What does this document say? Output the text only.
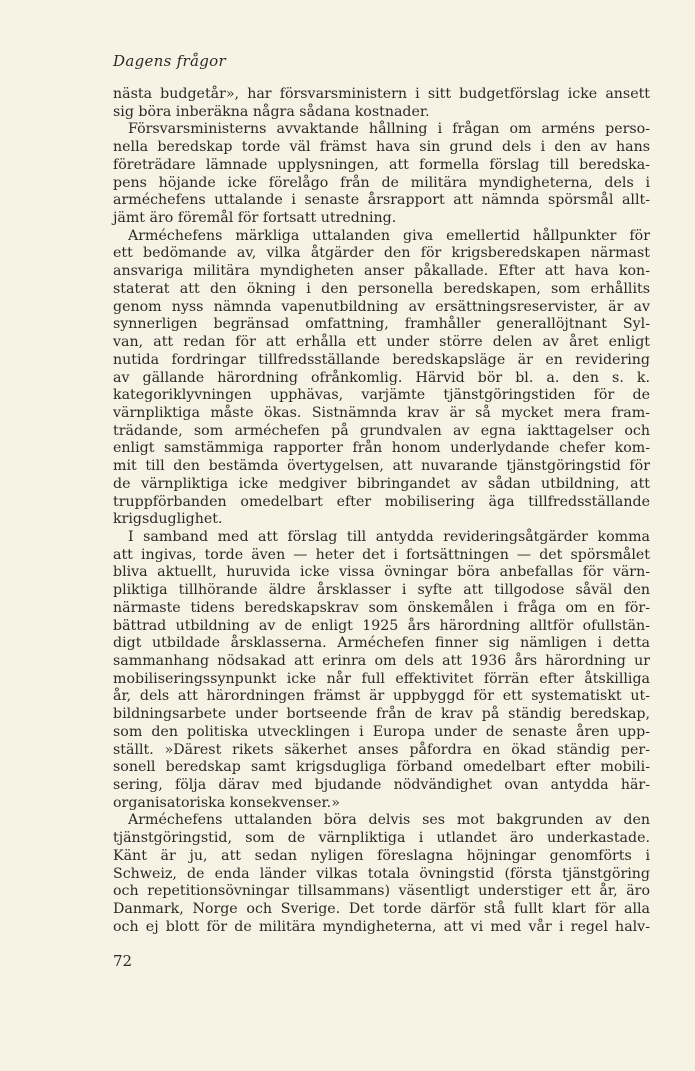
Dagens frågor
nästa budgetår», har försvarsministern i sitt budgetförslag icke ansett
sig böra inberäkna några sådana kostnader.
Försvarsministerns avvaktande hållning i frågan om arméns perso-
nella beredskap torde väl främst hava sin grund dels i den av hans
företrädare lämnade upplysningen, att formella förslag till beredska-
pens höjande icke förelågo från de militära myndigheterna, dels i
arméchefens uttalande i senaste årsrapport att nämnda spörsmål allt-
jämt äro föremål för fortsatt utredning.
Arméchefens märkliga uttalanden giva emellertid hållpunkter för
ett bedömande av, vilka åtgärder den för krigsberedskapen närmast
ansvariga militära myndigheten anser påkallade. Efter att hava kon-
staterat att den ökning i den personella beredskapen, som erhållits
genom nyss nämnda vapenutbildning av ersättningsreservister, är av
synnerligen begränsad omfattning, framhåller generallöjtnant Syl-
van, att redan för att erhålla ett under större delen av året enligt
nutida fordringar tillfredsställande beredskapsläge är en revidering
av gällande härordning ofrånkomlig. Härvid bör bl. a. den s. k.
kategoriklyvningen upphävas, varjämte tjänstgöringstiden för de
värnpliktiga måste ökas. Sistnämnda krav är så mycket mera fram-
trädande, som arméchefen på grundvalen av egna iakttagelser och
enligt samstämmiga rapporter från honom underlydande chefer kom-
mit till den bestämda övertygelsen, att nuvarande tjänstgöringstid för
de värnpliktiga icke medgiver bibringandet av sådan utbildning, att
truppförbanden omedelbart efter mobilisering äga tillfredsställande
krigsduglighet.
I samband med att förslag till antydda revideringsåtgärder komma
att ingivas, torde även — heter det i fortsättningen — det spörsmålet
bliva aktuellt, huruvida icke vissa övningar böra anbefallas för värn-
pliktiga tillhörande äldre årsklasser i syfte att tillgodose såväl den
närmaste tidens beredskapskrav som önskemålen i fråga om en för-
bättrad utbildning av de enligt 1925 års härordning alltför ofullstän-
digt utbildade årsklasserna. Arméchefen finner sig nämligen i detta
sammanhang nödsakad att erinra om dels att 1936 års härordning ur
mobiliseringssynpunkt icke når full effektivitet förrän efter åtskilliga
år, dels att härordningen främst är uppbyggd för ett systematiskt ut-
bildningsarbete under bortseende från de krav på ständig beredskap,
som den politiska utvecklingen i Europa under de senaste åren upp-
ställt. »Därest rikets säkerhet anses påfordra en ökad ständig per-
sonell beredskap samt krigsdugliga förband omedelbart efter mobili-
sering, följa därav med bjudande nödvändighet ovan antydda här-
organisatoriska konsekvenser.»
Arméchefens uttalanden böra delvis ses mot bakgrunden av den
tjänstgöringstid, som de värnpliktiga i utlandet äro underkastade.
Känt är ju, att sedan nyligen föreslagna höjningar genomförts i
Schweiz, de enda länder vilkas totala övningstid (första tjänstgöring
och repetitionsövningar tillsammans) väsentligt understiger ett år, äro
Danmark, Norge och Sverige. Det torde därför stå fullt klart för alla
och ej blott för de militära myndigheterna, att vi med vår i regel halv-
72
